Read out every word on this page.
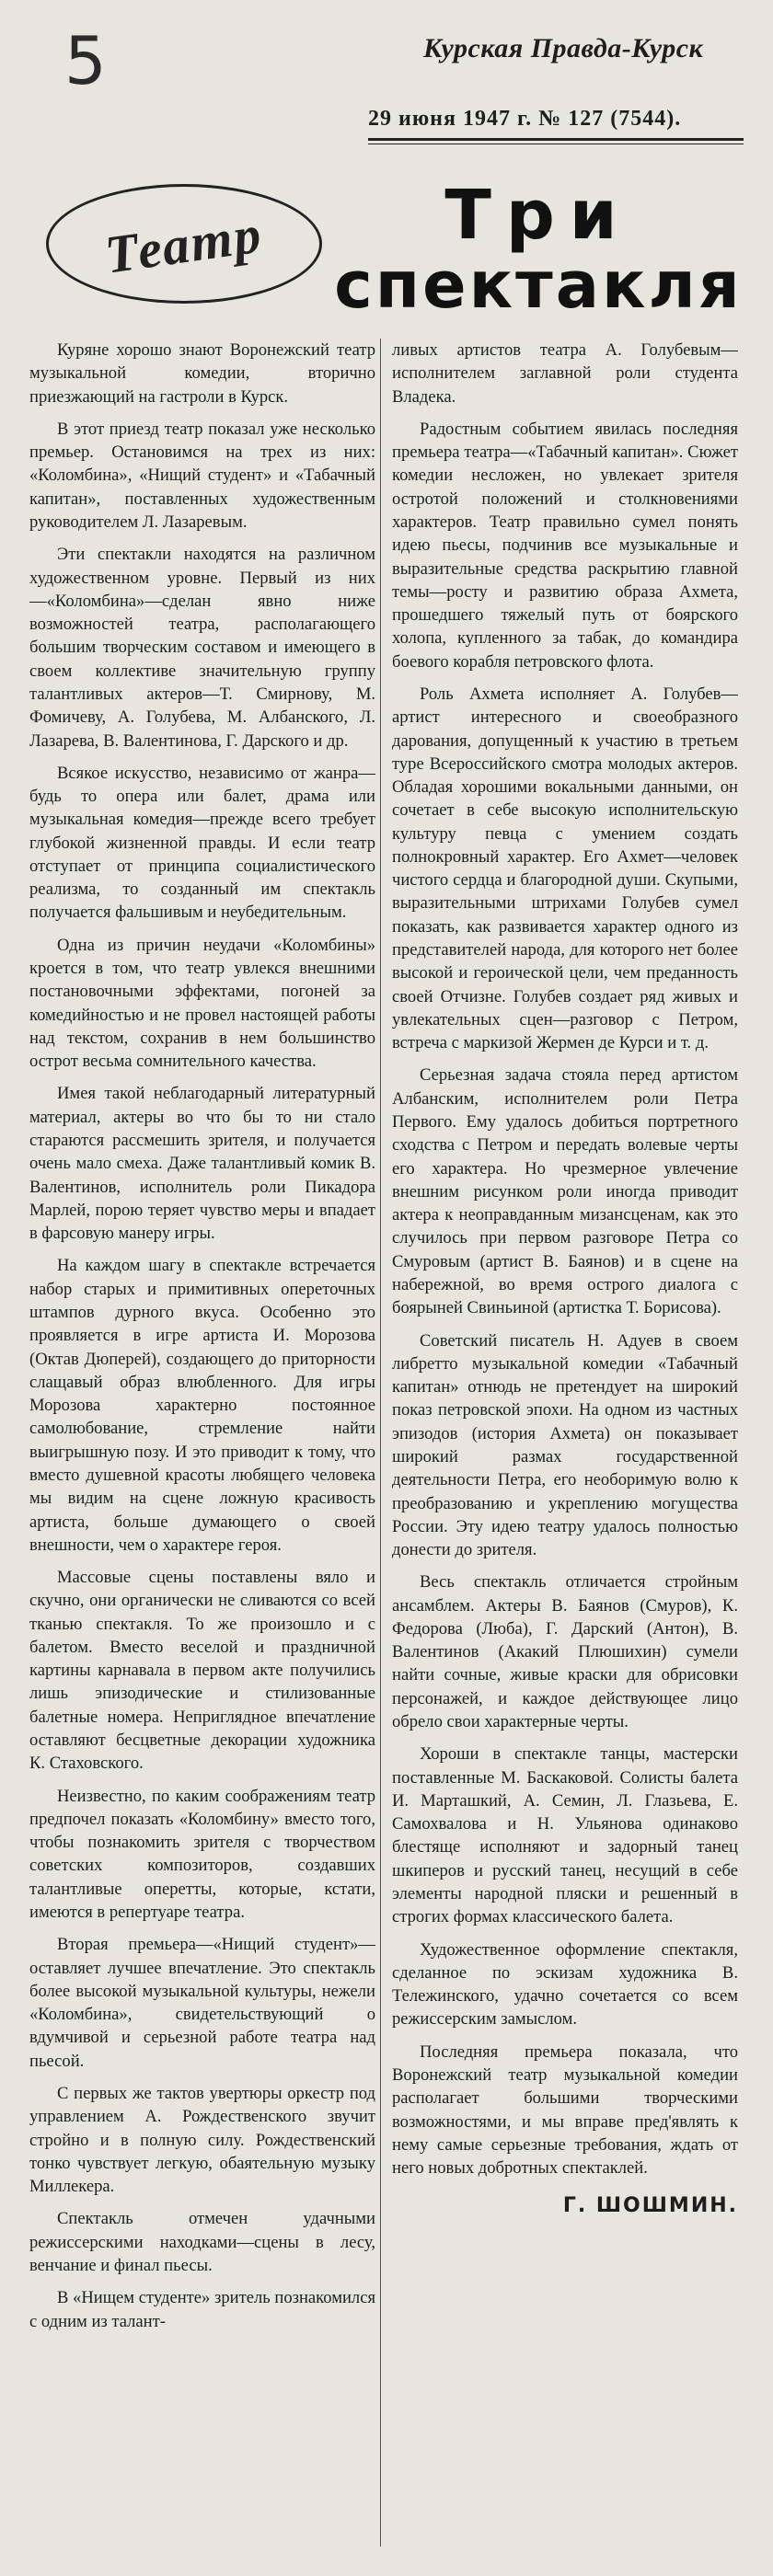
5	Курская Правда-Курск
29 июня 1947 г. № 127 (7544).
Театр	Три
спектакля

Куряне хорошо знают Воронежский театр музыкальной комедии, вторично приезжающий на гастроли в Курск.

В этот приезд театр показал уже несколько премьер. Остановимся на трех из них: «Коломбина», «Нищий студент» и «Табачный капитан», поставленных художественным руководителем Л. Лазаревым.

Эти спектакли находятся на различном художественном уровне. Первый из них—«Коломбина»—сделан явно ниже возможностей театра, располагающего большим творческим составом и имеющего в своем коллективе значительную группу талантливых актеров—Т. Смирнову, М. Фомичеву, А. Голубева, М. Албанского, Л. Лазарева, В. Валентинова, Г. Дарского и др.

Всякое искусство, независимо от жанра—будь то опера или балет, драма или музыкальная комедия—прежде всего требует глубокой жизненной правды. И если театр отступает от принципа социалистического реализма, то созданный им спектакль получается фальшивым и неубедительным.

Одна из причин неудачи «Коломбины» кроется в том, что театр увлекся внешними постановочными эффектами, погоней за комедийностью и не провел настоящей работы над текстом, сохранив в нем большинство острот весьма сомнительного качества.

Имея такой неблагодарный литературный материал, актеры во что бы то ни стало стараются рассмешить зрителя, и получается очень мало смеха. Даже талантливый комик В. Валентинов, исполнитель роли Пикадора Марлей, порою теряет чувство меры и впадает в фарсовую манеру игры.

На каждом шагу в спектакле встречается набор старых и примитивных опереточных штампов дурного вкуса. Особенно это проявляется в игре артиста И. Морозова (Октав Дюперей), создающего до приторности слащавый образ влюбленного. Для игры Морозова характерно постоянное самолюбование, стремление найти выигрышную позу. И это приводит к тому, что вместо душевной красоты любящего человека мы видим на сцене ложную красивость артиста, больше думающего о своей внешности, чем о характере героя.

Массовые сцены поставлены вяло и скучно, они органически не сливаются со всей тканью спектакля. То же произошло и с балетом. Вместо веселой и праздничной картины карнавала в первом акте получились лишь эпизодические и стилизованные балетные номера. Неприглядное впечатление оставляют бесцветные декорации художника К. Стаховского.

Неизвестно, по каким соображениям театр предпочел показать «Коломбину» вместо того, чтобы познакомить зрителя с творчеством советских композиторов, создавших талантливые оперетты, которые, кстати, имеются в репертуаре театра.

Вторая премьера—«Нищий студент»—оставляет лучшее впечатление. Это спектакль более высокой музыкальной культуры, нежели «Коломбина», свидетельствующий о вдумчивой и серьезной работе театра над пьесой.

С первых же тактов увертюры оркестр под управлением А. Рождественского звучит стройно и в полную силу. Рождественский тонко чувствует легкую, обаятельную музыку Миллекера.

Спектакль отмечен удачными режиссерскими находками—сцены в лесу, венчание и финал пьесы.

В «Нищем студенте» зритель познакомился с одним из талант-

ливых артистов театра А. Голубевым—исполнителем заглавной роли студента Владека.

Радостным событием явилась последняя премьера театра—«Табачный капитан». Сюжет комедии несложен, но увлекает зрителя остротой положений и столкновениями характеров. Театр правильно сумел понять идею пьесы, подчинив все музыкальные и выразительные средства раскрытию главной темы—росту и развитию образа Ахмета, прошедшего тяжелый путь от боярского холопа, купленного за табак, до командира боевого корабля петровского флота.

Роль Ахмета исполняет А. Голубев—артист интересного и своеобразного дарования, допущенный к участию в третьем туре Всероссийского смотра молодых актеров. Обладая хорошими вокальными данными, он сочетает в себе высокую исполнительскую культуру певца с умением создать полнокровный характер. Его Ахмет—человек чистого сердца и благородной души. Скупыми, выразительными штрихами Голубев сумел показать, как развивается характер одного из представителей народа, для которого нет более высокой и героической цели, чем преданность своей Отчизне. Голубев создает ряд живых и увлекательных сцен—разговор с Петром, встреча с маркизой Жермен де Курси и т. д.

Серьезная задача стояла перед артистом Албанским, исполнителем роли Петра Первого. Ему удалось добиться портретного сходства с Петром и передать волевые черты его характера. Но чрезмерное увлечение внешним рисунком роли иногда приводит актера к неоправданным мизансценам, как это случилось при первом разговоре Петра со Смуровым (артист В. Баянов) и в сцене на набережной, во время острого диалога с боярыней Свиньиной (артистка Т. Борисова).

Советский писатель Н. Адуев в своем либретто музыкальной комедии «Табачный капитан» отнюдь не претендует на широкий показ петровской эпохи. На одном из частных эпизодов (история Ахмета) он показывает широкий размах государственной деятельности Петра, его необоримую волю к преобразованию и укреплению могущества России. Эту идею театру удалось полностью донести до зрителя.

Весь спектакль отличается стройным ансамблем. Актеры В. Баянов (Смуров), К. Федорова (Люба), Г. Дарский (Антон), В. Валентинов (Акакий Плюшихин) сумели найти сочные, живые краски для обрисовки персонажей, и каждое действующее лицо обрело свои характерные черты.

Хороши в спектакле танцы, мастерски поставленные М. Баскаковой. Солисты балета И. Марташкий, А. Семин, Л. Глазьева, Е. Самохвалова и Н. Ульянова одинаково блестяще исполняют и задорный танец шкиперов и русский танец, несущий в себе элементы народной пляски и решенный в строгих формах классического балета.

Художественное оформление спектакля, сделанное по эскизам художника В. Тележинского, удачно сочетается со всем режиссерским замыслом.

Последняя премьера показала, что Воронежский театр музыкальной комедии располагает большими творческими возможностями, и мы вправе пред'являть к нему самые серьезные требования, ждать от него новых добротных спектаклей.

Г. ШОШМИН.
